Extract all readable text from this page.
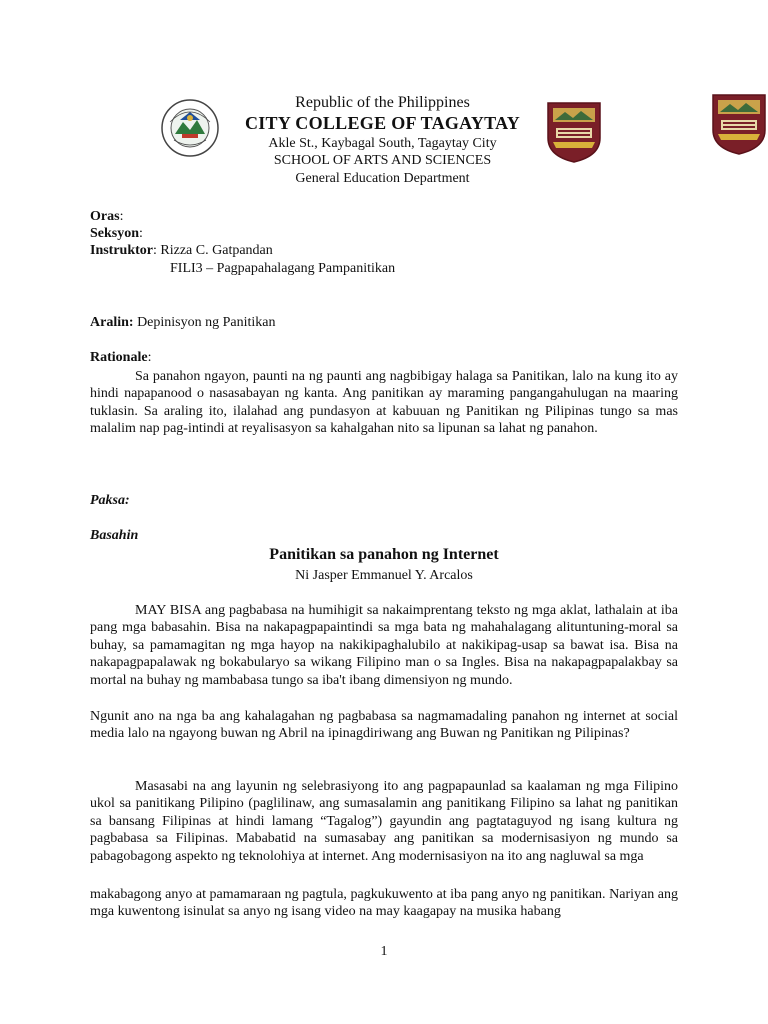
Republic of the Philippines
CITY COLLEGE OF TAGAYTAY
Akle St., Kaybagal South, Tagaytay City
SCHOOL OF ARTS AND SCIENCES
General Education Department
Oras:
Seksyon:
Instruktor: Rizza C. Gatpandan
FILI3 – Pagpapahalagang Pampanitikan
Aralin: Depinisyon ng Panitikan
Rationale:

Sa panahon ngayon, paunti na ng paunti ang nagbibigay halaga sa Panitikan, lalo na kung ito ay hindi napapanood o nasasabayan ng kanta. Ang panitikan ay maraming pangangahulugan na maaring tuklasin. Sa araling ito, ilalahad ang pundasyon at kabuuan ng Panitikan ng Pilipinas tungo sa mas malalim nap pag-intindi at reyalisasyon sa kahalgahan nito sa lipunan sa lahat ng panahon.

Paksa:
Basahin
Panitikan sa panahon ng Internet
Ni Jasper Emmanuel Y. Arcalos

MAY BISA ang pagbabasa na humihigit sa nakaimprentang teksto ng mga aklat, lathalain at iba pang mga babasahin. Bisa na nakapagpapaintindi sa mga bata ng mahahalagang alituntuning-moral sa buhay, sa pamamagitan ng mga hayop na nakikipaghalubilo at nakikipag-usap sa bawat isa. Bisa na nakapagpapalawak ng bokabularyo sa wikang Filipino man o sa Ingles. Bisa na nakapagpapalakbay sa mortal na buhay ng mambabasa tungo sa iba't ibang dimensiyon ng mundo.

Ngunit ano na nga ba ang kahalagahan ng pagbabasa sa nagmamadaling panahon ng internet at social media lalo na ngayong buwan ng Abril na ipinagdiriwang ang Buwan ng Panitikan ng Pilipinas?

Masasabi na ang layunin ng selebrasiyong ito ang pagpapaunlad sa kaalaman ng mga Filipino ukol sa panitikang Pilipino (paglilinaw, ang sumasalamin ang panitikang Filipino sa lahat ng panitikan sa bansang Filipinas at hindi lamang “Tagalog”) gayundin ang pagtataguyod ng isang kultura ng pagbabasa sa Filipinas. Mababatid na sumasabay ang panitikan sa modernisasiyon ng mundo sa pabagobagong aspekto ng teknolohiya at internet. Ang modernisasiyon na ito ang nagluwal sa mga

makabagong anyo at pamamaraan ng pagtula, pagkukuwento at iba pang anyo ng panitikan. Nariyan ang mga kuwentong isinulat sa anyo ng isang video na may kaagapay na musika habang

1
